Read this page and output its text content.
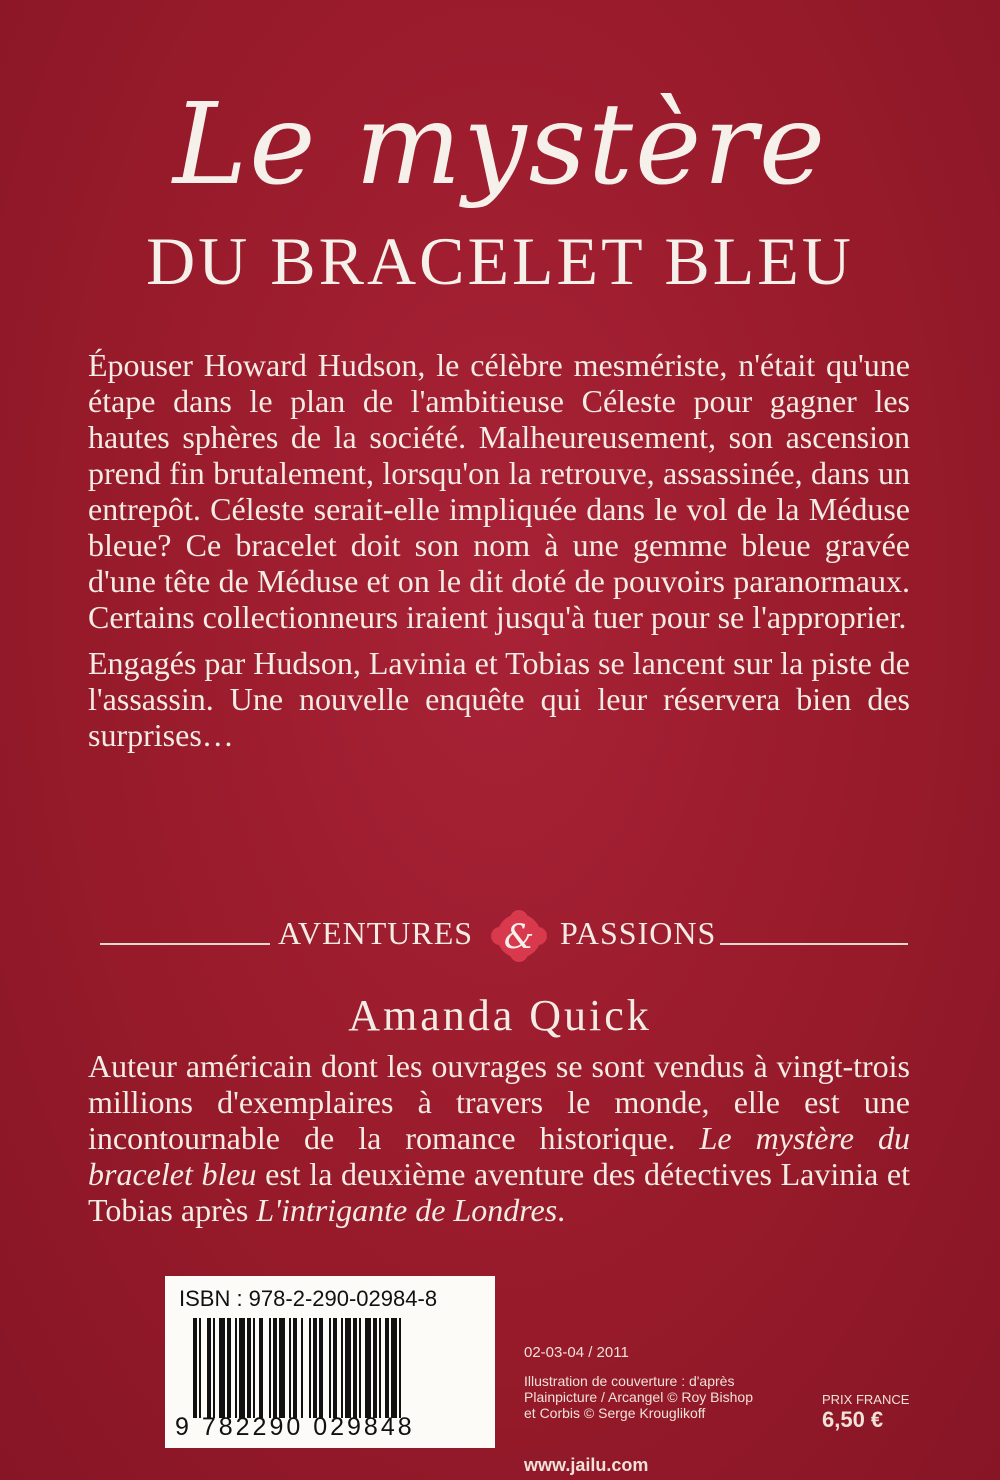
Le mystère
DU BRACELET BLEU

Épouser Howard Hudson, le célèbre mesmériste, n'était qu'une étape dans le plan de l'ambitieuse Céleste pour gagner les hautes sphères de la société. Malheureusement, son ascension prend fin brutalement, lorsqu'on la retrouve, assassinée, dans un entrepôt. Céleste serait-elle impliquée dans le vol de la Méduse bleue? Ce bracelet doit son nom à une gemme bleue gravée d'une tête de Méduse et on le dit doté de pouvoirs paranormaux. Certains collectionneurs iraient jusqu'à tuer pour se l'approprier.

Engagés par Hudson, Lavinia et Tobias se lancent sur la piste de l'assassin. Une nouvelle enquête qui leur réservera bien des surprises…

AVENTURES & PASSIONS
Amanda Quick

Auteur américain dont les ouvrages se sont vendus à vingt-trois millions d'exemplaires à travers le monde, elle est une incontournable de la romance historique. Le mystère du bracelet bleu est la deuxième aventure des détectives Lavinia et Tobias après L'intrigante de Londres.

ISBN : 978-2-290-02984-8
9 782290 029848
02-03-04 / 2011
Illustration de couverture : d'après
Plainpicture / Arcangel © Roy Bishop
et Corbis © Serge Krouglikoff
www.jailu.com
PRIX FRANCE
6,50 €
